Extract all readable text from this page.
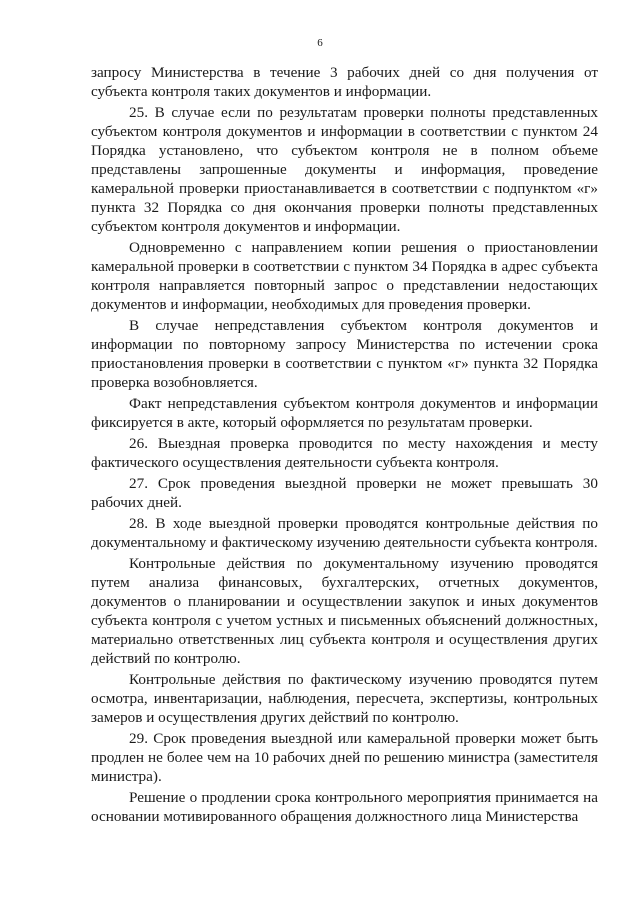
6

запросу Министерства в течение 3 рабочих дней со дня получения от субъекта контроля таких документов и информации.

25. В случае если по результатам проверки полноты представленных субъектом контроля документов и информации в соответствии с пунктом 24 Порядка установлено, что субъектом контроля не в полном объеме представлены запрошенные документы и информация, проведение камеральной проверки приостанавливается в соответствии с подпунктом «г» пункта 32 Порядка со дня окончания проверки полноты представленных субъектом контроля документов и информации.

Одновременно с направлением копии решения о приостановлении камеральной проверки в соответствии с пунктом 34 Порядка в адрес субъекта контроля направляется повторный запрос о представлении недостающих документов и информации, необходимых для проведения проверки.

В случае непредставления субъектом контроля документов и информации по повторному запросу Министерства по истечении срока приостановления проверки в соответствии с пунктом «г» пункта 32 Порядка проверка возобновляется.

Факт непредставления субъектом контроля документов и информации фиксируется в акте, который оформляется по результатам проверки.

26. Выездная проверка проводится по месту нахождения и месту фактического осуществления деятельности субъекта контроля.

27. Срок проведения выездной проверки не может превышать 30 рабочих дней.

28. В ходе выездной проверки проводятся контрольные действия по документальному и фактическому изучению деятельности субъекта контроля.

Контрольные действия по документальному изучению проводятся путем анализа финансовых, бухгалтерских, отчетных документов, документов о планировании и осуществлении закупок и иных документов субъекта контроля с учетом устных и письменных объяснений должностных, материально ответственных лиц субъекта контроля и осуществления других действий по контролю.

Контрольные действия по фактическому изучению проводятся путем осмотра, инвентаризации, наблюдения, пересчета, экспертизы, контрольных замеров и осуществления других действий по контролю.

29. Срок проведения выездной или камеральной проверки может быть продлен не более чем на 10 рабочих дней по решению министра (заместителя министра).

Решение о продлении срока контрольного мероприятия принимается на основании мотивированного обращения должностного лица Министерства
